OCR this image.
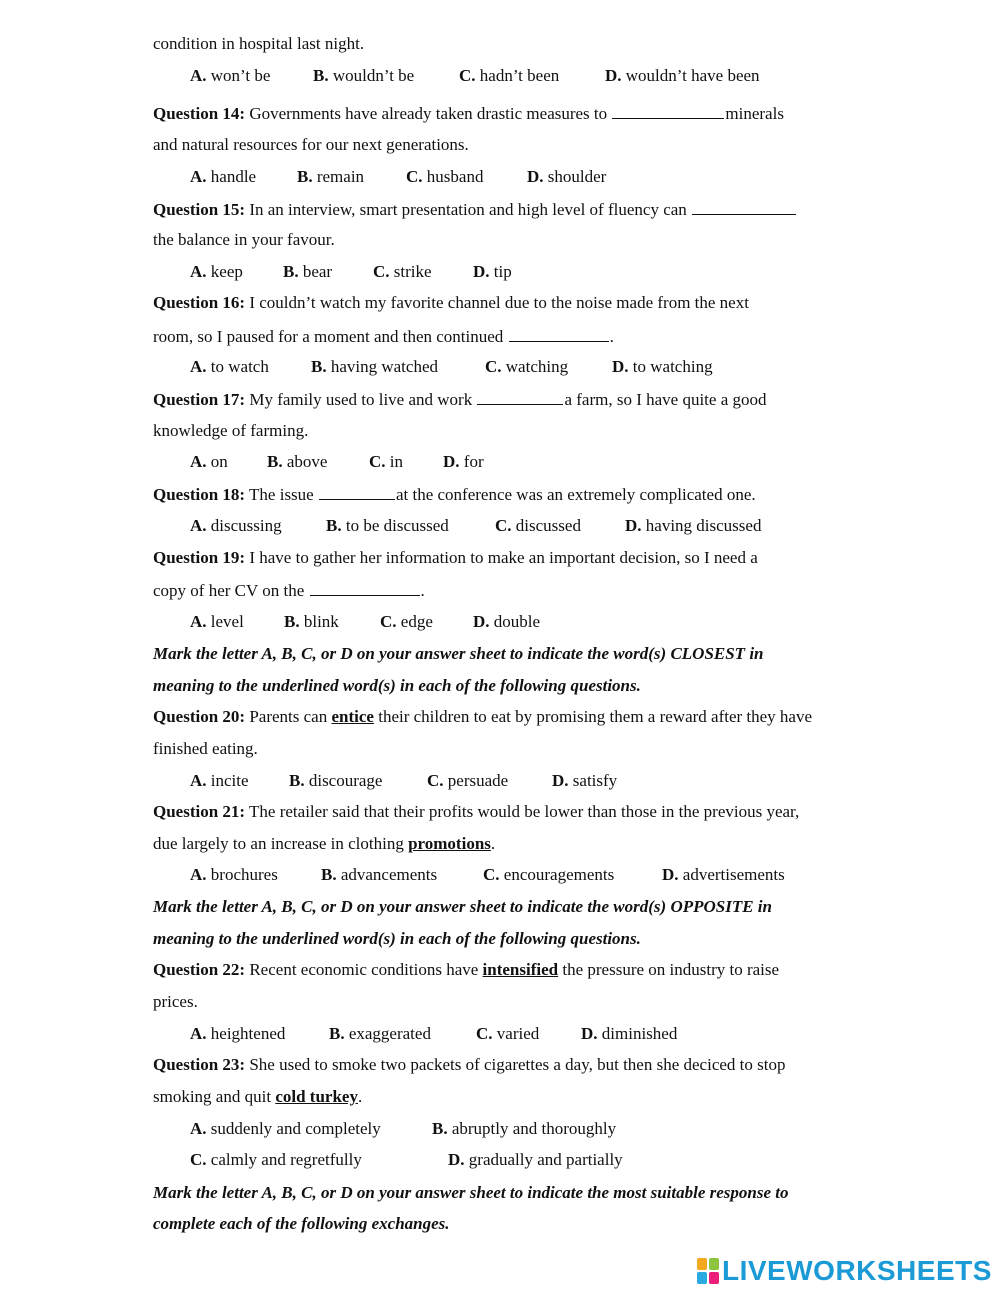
condition in hospital last night.
A. won’t be	B. wouldn’t be	C. hadn’t been	D. wouldn’t have been
Question 14: Governments have already taken drastic measures to	minerals
and natural resources for our next generations.
A. handle B. remain C. husband	D. shoulder
Question 15: In an interview, smart presentation and high level of fluency can
the balance in your favour.
A. keep B. bear C. strike D. tip
Question 16: I couldn’t watch my favorite channel due to the noise made from the next
room, so I paused for a moment and then continued	.
A. to watch B. having watched	C. watching	D. to watching
Question 17: My family used to live and work	a farm, so I have quite a good
knowledge of farming.
A. on B. above C. in D. for
Question 18: The issue	at the conference was an extremely complicated one.
A. discussing	B. to be discussed	C. discussed	D. having discussed
Question 19: I have to gather her information to make an important decision, so I need a
copy of her CV on the	.
A. level B. blink C. edge D. double
Mark the letter A, B, C, or D on your answer sheet to indicate the word(s) CLOSEST in
meaning to the underlined word(s) in each of the following questions.
Question 20: Parents can entice their children to eat by promising them a reward after they have
finished eating.
A. incite B. discourage	C. persuade	D. satisfy
Question 21: The retailer said that their profits would be lower than those in the previous year,
due largely to an increase in clothing promotions.
A. brochures	B. advancements	C. encouragements	D. advertisements
Mark the letter A, B, C, or D on your answer sheet to indicate the word(s) OPPOSITE in
meaning to the underlined word(s) in each of the following questions.
Question 22: Recent economic conditions have intensified the pressure on industry to raise
prices.
A. heightened	B. exaggerated	C. varied D. diminished
Question 23: She used to smoke two packets of cigarettes a day, but then she deciced to stop
smoking and quit cold turkey.
A. suddenly and completely	B. abruptly and thoroughly
C. calmly and regretfully	D. gradually and partially
Mark the letter A, B, C, or D on your answer sheet to indicate the most suitable response to
complete each of the following exchanges.
LIVEWORKSHEETS
